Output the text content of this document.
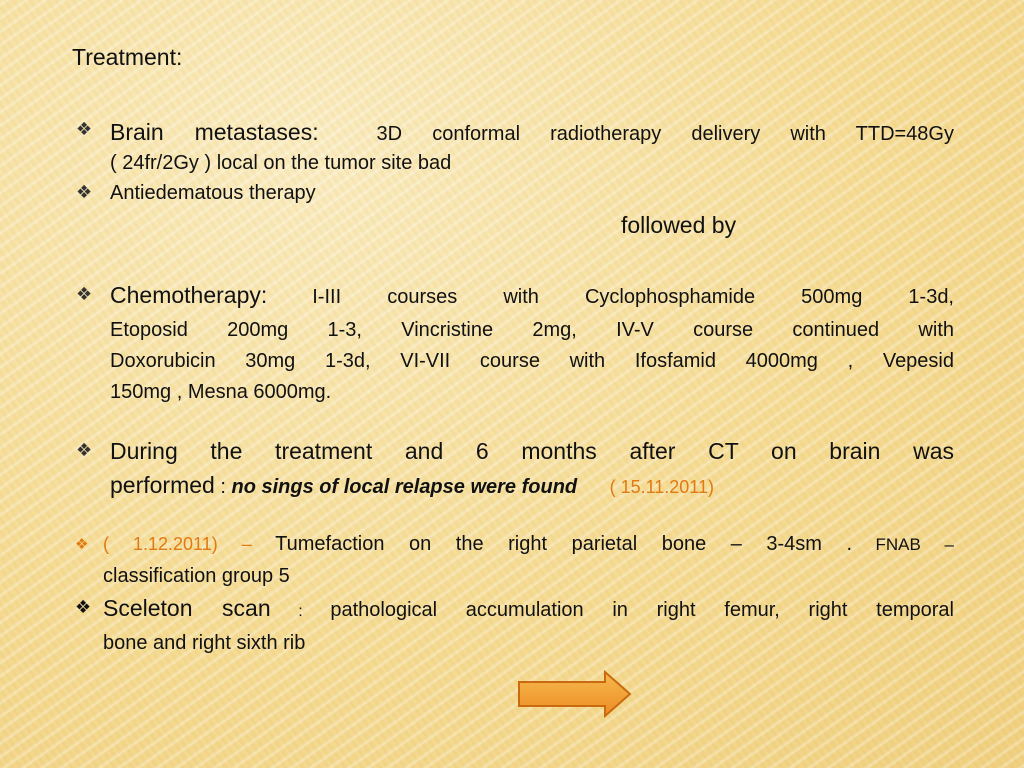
Treatment:
❖ Brain metastases:	3D conformal radiotherapy delivery with TTD=48Gy
( 24fr/2Gy ) local on the tumor site bad
❖ Antiedematous therapy
followed by
❖ Chemotherapy: I-III courses with Cyclophosphamide 500mg 1-3d,
Etoposid 200mg 1-3, Vincristine 2mg, IV-V course continued with
Doxorubicin 30mg 1-3d, VI-VII course with Ifosfamid 4000mg , Vepesid
150mg , Mesna 6000mg.
❖ During the treatment and 6 months after CT on brain was
performed : no sings of local relapse were found ( 15.11.2011)
❖ ( 1.12.2011) – Tumefaction on the right parietal bone – 3-4sm . FNAB –
classification group 5
❖ Sceleton scan : pathological accumulation in right femur, right temporal
bone and right sixth rib
